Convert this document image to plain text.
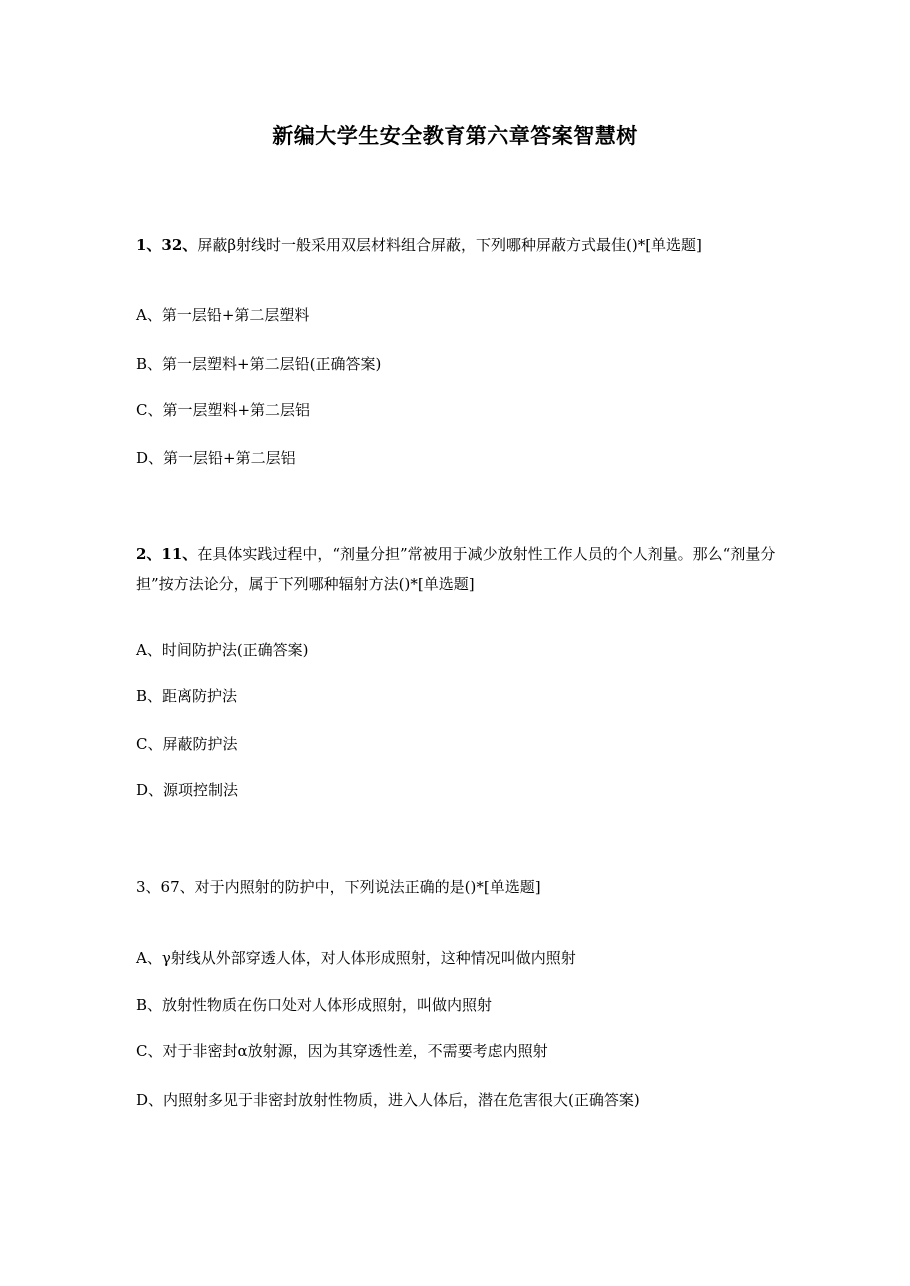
新编大学生安全教育第六章答案智慧树
1、32、屏蔽β射线时一般采用双层材料组合屏蔽，下列哪种屏蔽方式最佳()*[单选题]
A、第一层铅+第二层塑料
B、第一层塑料+第二层铅(正确答案)
C、第一层塑料+第二层铝
D、第一层铅+第二层铝
2、11、在具体实践过程中，“剂量分担”常被用于减少放射性工作人员的个人剂量。那么“剂量分担”按方法论分，属于下列哪种辐射方法()*[单选题]
A、时间防护法(正确答案)
B、距离防护法
C、屏蔽防护法
D、源项控制法
3、67、对于内照射的防护中，下列说法正确的是()*[单选题]
A、γ射线从外部穿透人体，对人体形成照射，这种情况叫做内照射
B、放射性物质在伤口处对人体形成照射，叫做内照射
C、对于非密封α放射源，因为其穿透性差，不需要考虑内照射
D、内照射多见于非密封放射性物质，进入人体后，潜在危害很大(正确答案)
